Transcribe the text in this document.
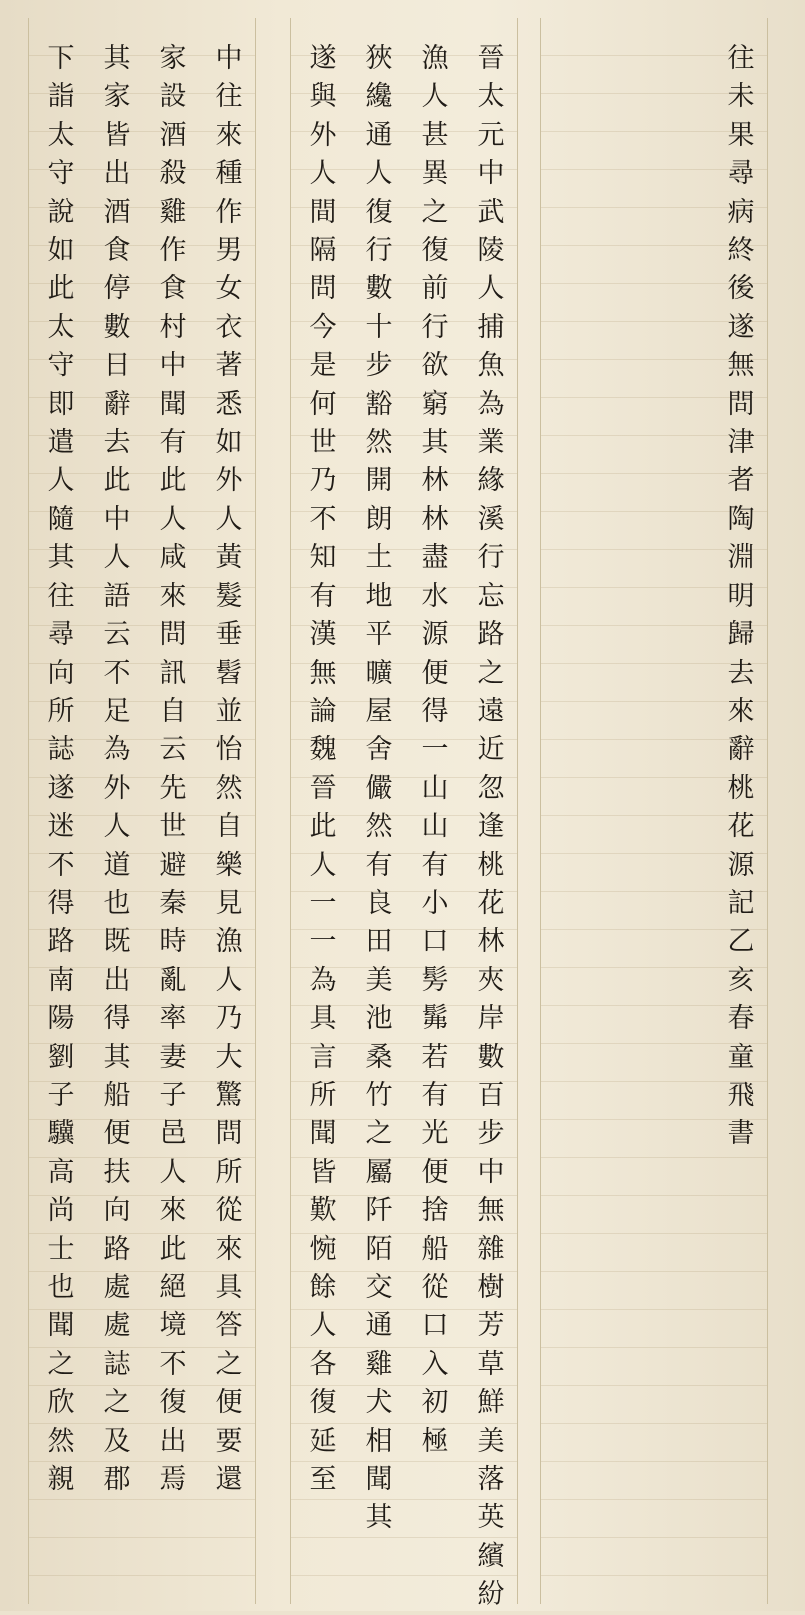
中
往
來
種
作
男
女
衣
著
悉
如
外
人
黃
髮
垂
髫
並
怡
然
自
樂
見
漁
人
乃
大
驚
問
所
從
來
具
答
之
便
要
還
家
設
酒
殺
雞
作
食
村
中
聞
有
此
人
咸
來
問
訊
自
云
先
世
避
秦
時
亂
率
妻
子
邑
人
來
此
絕
境
不
復
出
焉
其
家
皆
出
酒
食
停
數
日
辭
去
此
中
人
語
云
不
足
為
外
人
道
也
既
出
得
其
船
便
扶
向
路
處
處
誌
之
及
郡
下
詣
太
守
說
如
此
太
守
即
遣
人
隨
其
往
尋
向
所
誌
遂
迷
不
得
路
南
陽
劉
子
驥
高
尚
士
也
聞
之
欣
然
親
晉
太
元
中
武
陵
人
捕
魚
為
業
緣
溪
行
忘
路
之
遠
近
忽
逢
桃
花
林
夾
岸
數
百
步
中
無
雜
樹
芳
草
鮮
美
落
英
繽
紛
漁
人
甚
異
之
復
前
行
欲
窮
其
林
林
盡
水
源
便
得
一
山
山
有
小
口
髣
髴
若
有
光
便
捨
船
從
口
入
初
極
狹
纔
通
人
復
行
數
十
步
豁
然
開
朗
土
地
平
曠
屋
舍
儼
然
有
良
田
美
池
桑
竹
之
屬
阡
陌
交
通
雞
犬
相
聞
其
遂
與
外
人
間
隔
問
今
是
何
世
乃
不
知
有
漢
無
論
魏
晉
此
人
一
一
為
具
言
所
聞
皆
歎
惋
餘
人
各
復
延
至
往
未
果
尋
病
終
後
遂
無
問
津
者
陶
淵
明
歸
去
來
辭
桃
花
源
記
乙
亥
春
童
飛
書
